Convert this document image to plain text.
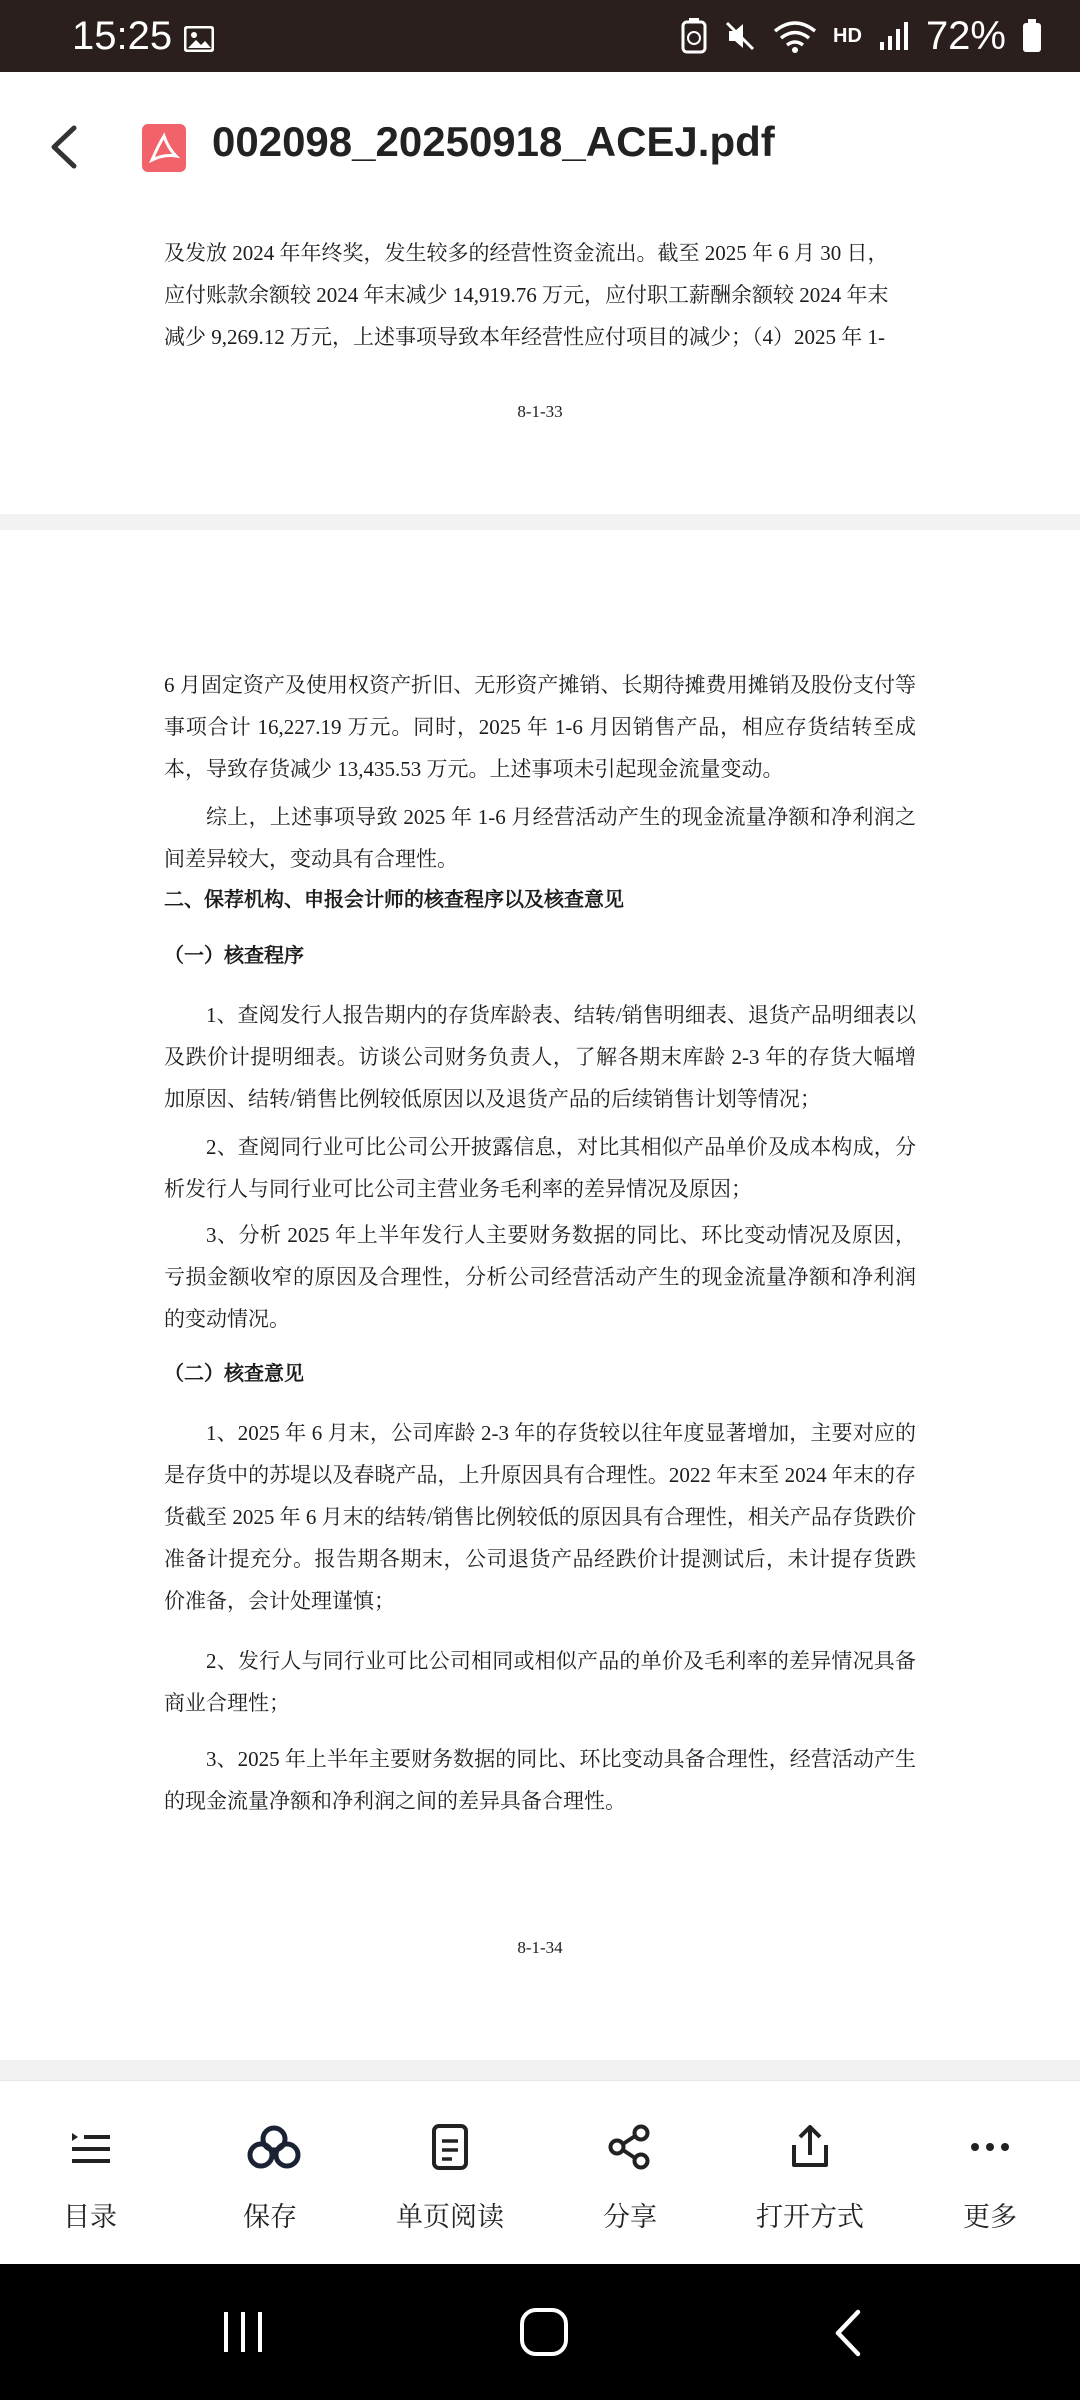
15:25	HD 72%
002098_20250918_ACEJ.pdf
及发放 2024 年年终奖，发生较多的经营性资金流出。截至 2025 年 6 月 30 日，
应付账款余额较 2024 年末减少 14,919.76 万元，应付职工薪酬余额较 2024 年末
减少 9,269.12 万元，上述事项导致本年经营性应付项目的减少；（4）2025 年 1-
8-1-33

6 月固定资产及使用权资产折旧、无形资产摊销、长期待摊费用摊销及股份支付等事项合计 16,227.19 万元。同时，2025 年 1-6 月因销售产品，相应存货结转至成本，导致存货减少 13,435.53 万元。上述事项未引起现金流量变动。

综上，上述事项导致 2025 年 1-6 月经营活动产生的现金流量净额和净利润之间差异较大，变动具有合理性。

二、保荐机构、申报会计师的核查程序以及核查意见

（一）核查程序

1、查阅发行人报告期内的存货库龄表、结转/销售明细表、退货产品明细表以及跌价计提明细表。访谈公司财务负责人，了解各期末库龄 2-3 年的存货大幅增加原因、结转/销售比例较低原因以及退货产品的后续销售计划等情况；

2、查阅同行业可比公司公开披露信息，对比其相似产品单价及成本构成，分析发行人与同行业可比公司主营业务毛利率的差异情况及原因；

3、分析 2025 年上半年发行人主要财务数据的同比、环比变动情况及原因，亏损金额收窄的原因及合理性，分析公司经营活动产生的现金流量净额和净利润的变动情况。

（二）核查意见

1、2025 年 6 月末，公司库龄 2-3 年的存货较以往年度显著增加，主要对应的是存货中的苏堤以及春晓产品，上升原因具有合理性。2022 年末至 2024 年末的存货截至 2025 年 6 月末的结转/销售比例较低的原因具有合理性，相关产品存货跌价准备计提充分。报告期各期末，公司退货产品经跌价计提测试后，未计提存货跌价准备，会计处理谨慎；

2、发行人与同行业可比公司相同或相似产品的单价及毛利率的差异情况具备商业合理性；

3、2025 年上半年主要财务数据的同比、环比变动具备合理性，经营活动产生的现金流量净额和净利润之间的差异具备合理性。

8-1-34
目录	保存	单页阅读	分享	打开方式	更多
